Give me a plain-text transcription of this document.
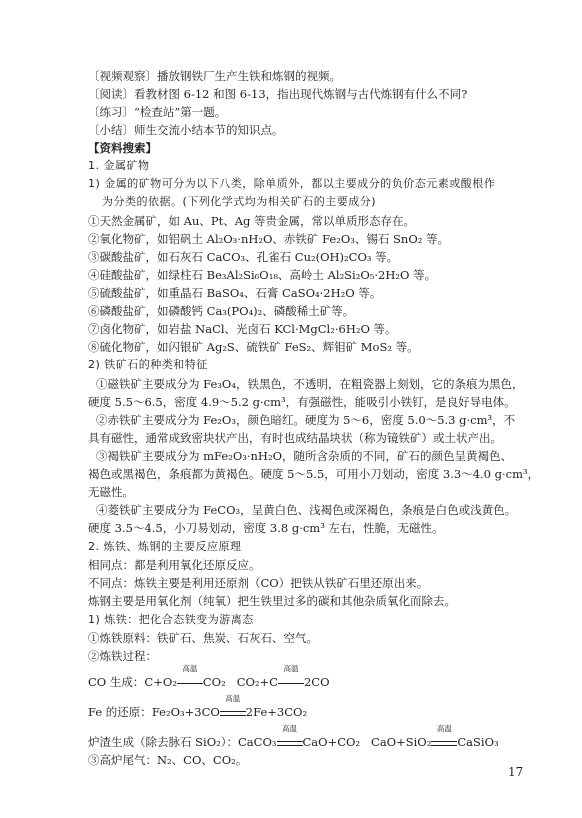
〔视频观察〕播放钢铁厂生产生铁和炼钢的视频。
〔阅读〕看教材图 6-12 和图 6-13，指出现代炼钢与古代炼钢有什么不同?
〔练习〕“检查站”第一题。
〔小结〕师生交流小结本节的知识点。
【资料搜索】
1. 金属矿物
1) 金属的矿物可分为以下八类，除单质外，都以主要成分的负价态元素或酸根作
为分类的依据。(下列化学式均为相关矿石的主要成分)
①天然金属矿，如 Au、Pt、Ag 等贵金属，常以单质形态存在。
②氧化物矿，如铝矾土 Al₂O₃·nH₂O、赤铁矿 Fe₂O₃、锡石 SnO₂ 等。
③碳酸盐矿，如石灰石 CaCO₃、孔雀石 Cu₂(OH)₂CO₃ 等。
④硅酸盐矿，如绿柱石 Be₃Al₂Si₆O₁₈、高岭土 Al₂Si₂O₅·2H₂O 等。
⑤硫酸盐矿，如重晶石 BaSO₄、石膏 CaSO₄·2H₂O 等。
⑥磷酸盐矿，如磷酸钙 Ca₃(PO₄)₂、磷酸稀土矿等。
⑦卤化物矿，如岩盐 NaCl、光卤石 KCl·MgCl₂·6H₂O 等。
⑧硫化物矿，如闪银矿 Ag₂S、硫铁矿 FeS₂、辉钼矿 MoS₂ 等。
2) 铁矿石的种类和特征
①磁铁矿主要成分为 Fe₃O₄，铁黑色，不透明，在粗瓷器上刻划，它的条痕为黑色，
硬度 5.5～6.5，密度 4.9～5.2 g·cm³，有强磁性，能吸引小铁钉，是良好导电体。
②赤铁矿主要成分为 Fe₂O₃，颜色暗红。硬度为 5～6，密度 5.0～5.3 g·cm³，不
具有磁性，通常成致密块状产出，有时也成结晶块状（称为镜铁矿）或土状产出。
③褐铁矿主要成分为 mFe₂O₃·nH₂O，随所含杂质的不同，矿石的颜色呈黄褐色、
褐色或黑褐色，条痕都为黄褐色。硬度 5～5.5，可用小刀划动，密度 3.3～4.0 g·cm³，
无磁性。
④菱铁矿主要成分为 FeCO₃，呈黄白色、浅褐色或深褐色，条痕是白色或浅黄色。
硬度 3.5～4.5，小刀易划动，密度 3.8 g·cm³ 左右，性脆，无磁性。
2. 炼铁、炼钢的主要反应原理
相同点：都是利用氧化还原反应。
不同点：炼铁主要是利用还原剂（CO）把铁从铁矿石里还原出来。
炼钢主要是用氧化剂（纯氧）把生铁里过多的碳和其他杂质氧化而除去。
1) 炼铁：把化合态铁变为游离态
①炼铁原料：铁矿石、焦炭、石灰石、空气。
②炼铁过程：
CO 生成：C+O₂
高温
CO₂ CO₂+C
高温
2CO
Fe 的还原：Fe₂O₃+3CO
高温
2Fe+3CO₂
炉渣生成（除去脉石 SiO₂）：CaCO₃
高温
CaO+CO₂ CaO+SiO₂
高温
CaSiO₃
③高炉尾气：N₂、CO、CO₂。
17
